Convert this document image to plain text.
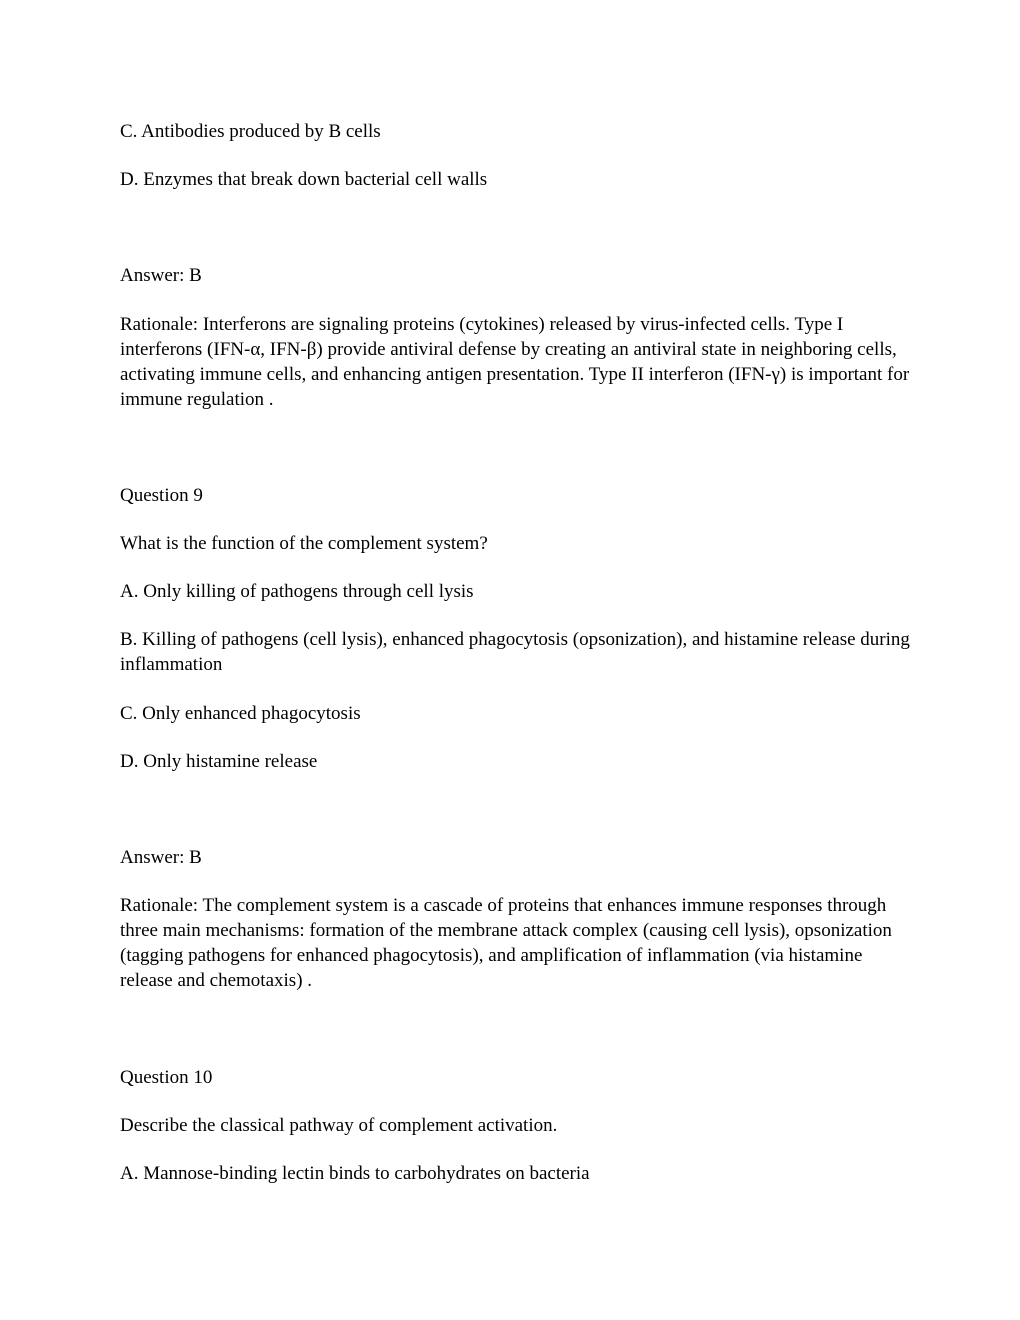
C. Antibodies produced by B cells

D. Enzymes that break down bacterial cell walls

Answer: B

Rationale: Interferons are signaling proteins (cytokines) released by virus-infected cells. Type I interferons (IFN-α, IFN-β) provide antiviral defense by creating an antiviral state in neighboring cells, activating immune cells, and enhancing antigen presentation. Type II interferon (IFN-γ) is important for immune regulation .

Question 9

What is the function of the complement system?

A. Only killing of pathogens through cell lysis

B. Killing of pathogens (cell lysis), enhanced phagocytosis (opsonization), and histamine release during inflammation

C. Only enhanced phagocytosis

D. Only histamine release

Answer: B

Rationale: The complement system is a cascade of proteins that enhances immune responses through three main mechanisms: formation of the membrane attack complex (causing cell lysis), opsonization (tagging pathogens for enhanced phagocytosis), and amplification of inflammation (via histamine release and chemotaxis) .

Question 10

Describe the classical pathway of complement activation.

A. Mannose-binding lectin binds to carbohydrates on bacteria
